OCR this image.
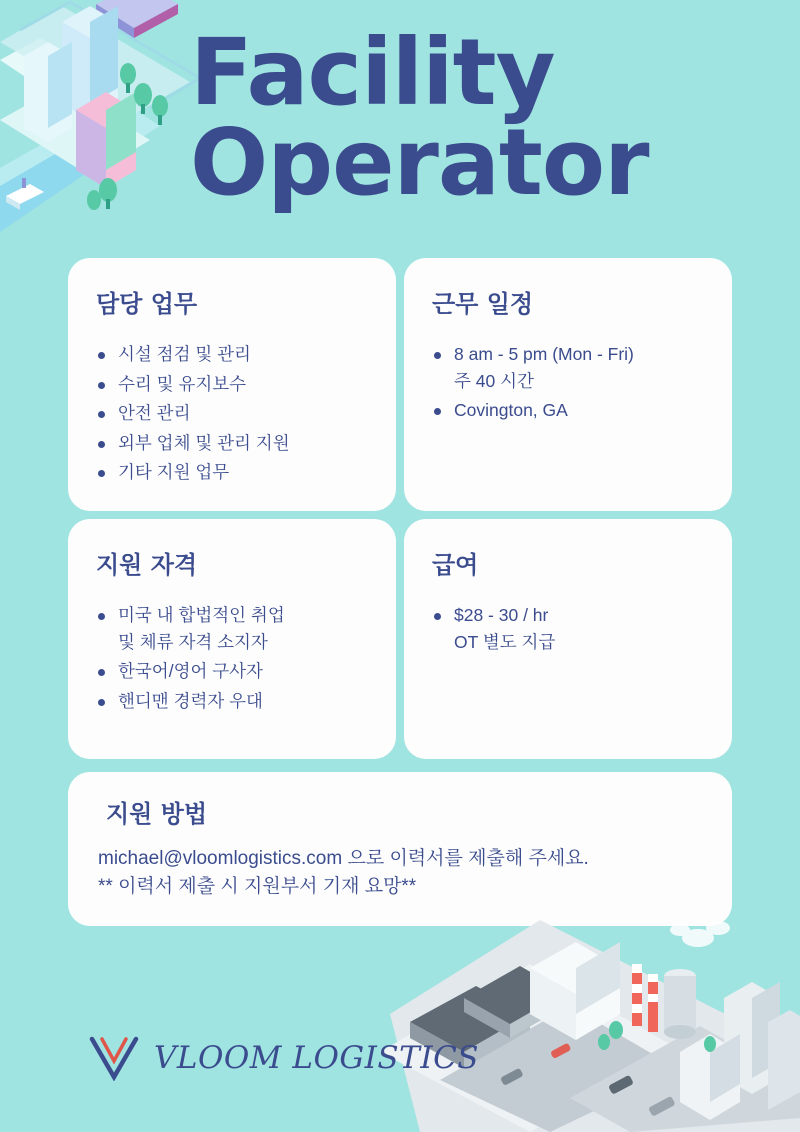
Facility
Operator
담당 업무
시설 점검 및 관리
수리 및 유지보수
안전 관리
외부 업체 및 관리 지원
기타 지원 업무
근무 일정
8 am - 5 pm (Mon - Fri)
주 40 시간
Covington, GA
지원 자격
미국 내 합법적인 취업
및 체류 자격 소지자
한국어/영어 구사자
핸디맨 경력자 우대
급여
$28 - 30 / hr
OT 별도 지급
지원 방법
michael@vloomlogistics.com 으로 이력서를 제출해 주세요.
** 이력서 제출 시 지원부서 기재 요망**
VLOOM LOGISTICS
